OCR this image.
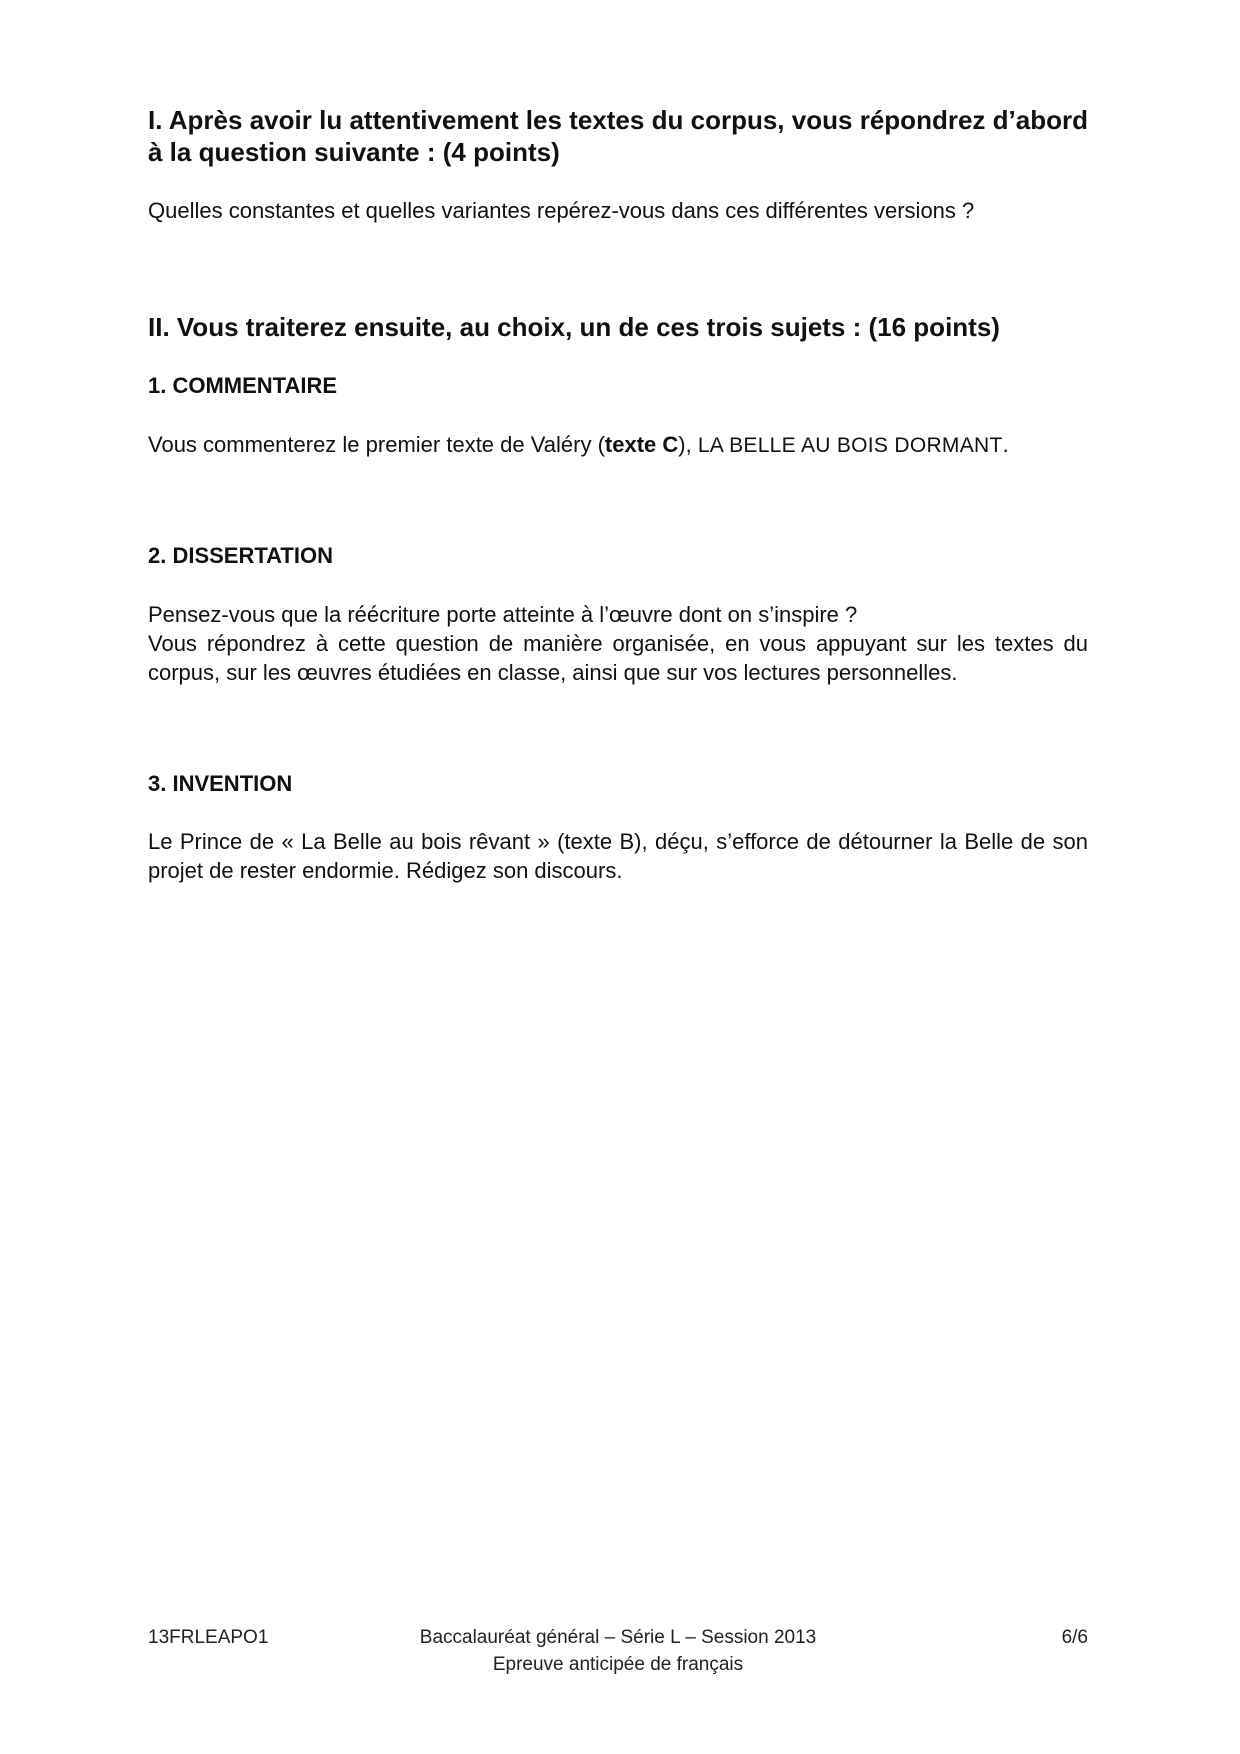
I. Après avoir lu attentivement les textes du corpus, vous répondrez d’abord à la question suivante : (4 points)

Quelles constantes et quelles variantes repérez-vous dans ces différentes versions ?

II. Vous traiterez ensuite, au choix, un de ces trois sujets : (16 points)

1. COMMENTAIRE

Vous commenterez le premier texte de Valéry (texte C), LA BELLE AU BOIS DORMANT.

2. DISSERTATION

Pensez-vous que la réécriture porte atteinte à l’œuvre dont on s’inspire ?

Vous répondrez à cette question de manière organisée, en vous appuyant sur les textes du corpus, sur les œuvres étudiées en classe, ainsi que sur vos lectures personnelles.

3. INVENTION

Le Prince de « La Belle au bois rêvant » (texte B), déçu, s’efforce de détourner la Belle de son projet de rester endormie. Rédigez son discours.

13FRLEAPO1	Baccalauréat général – Série L – Session 2013
Epreuve anticipée de français
6/6
